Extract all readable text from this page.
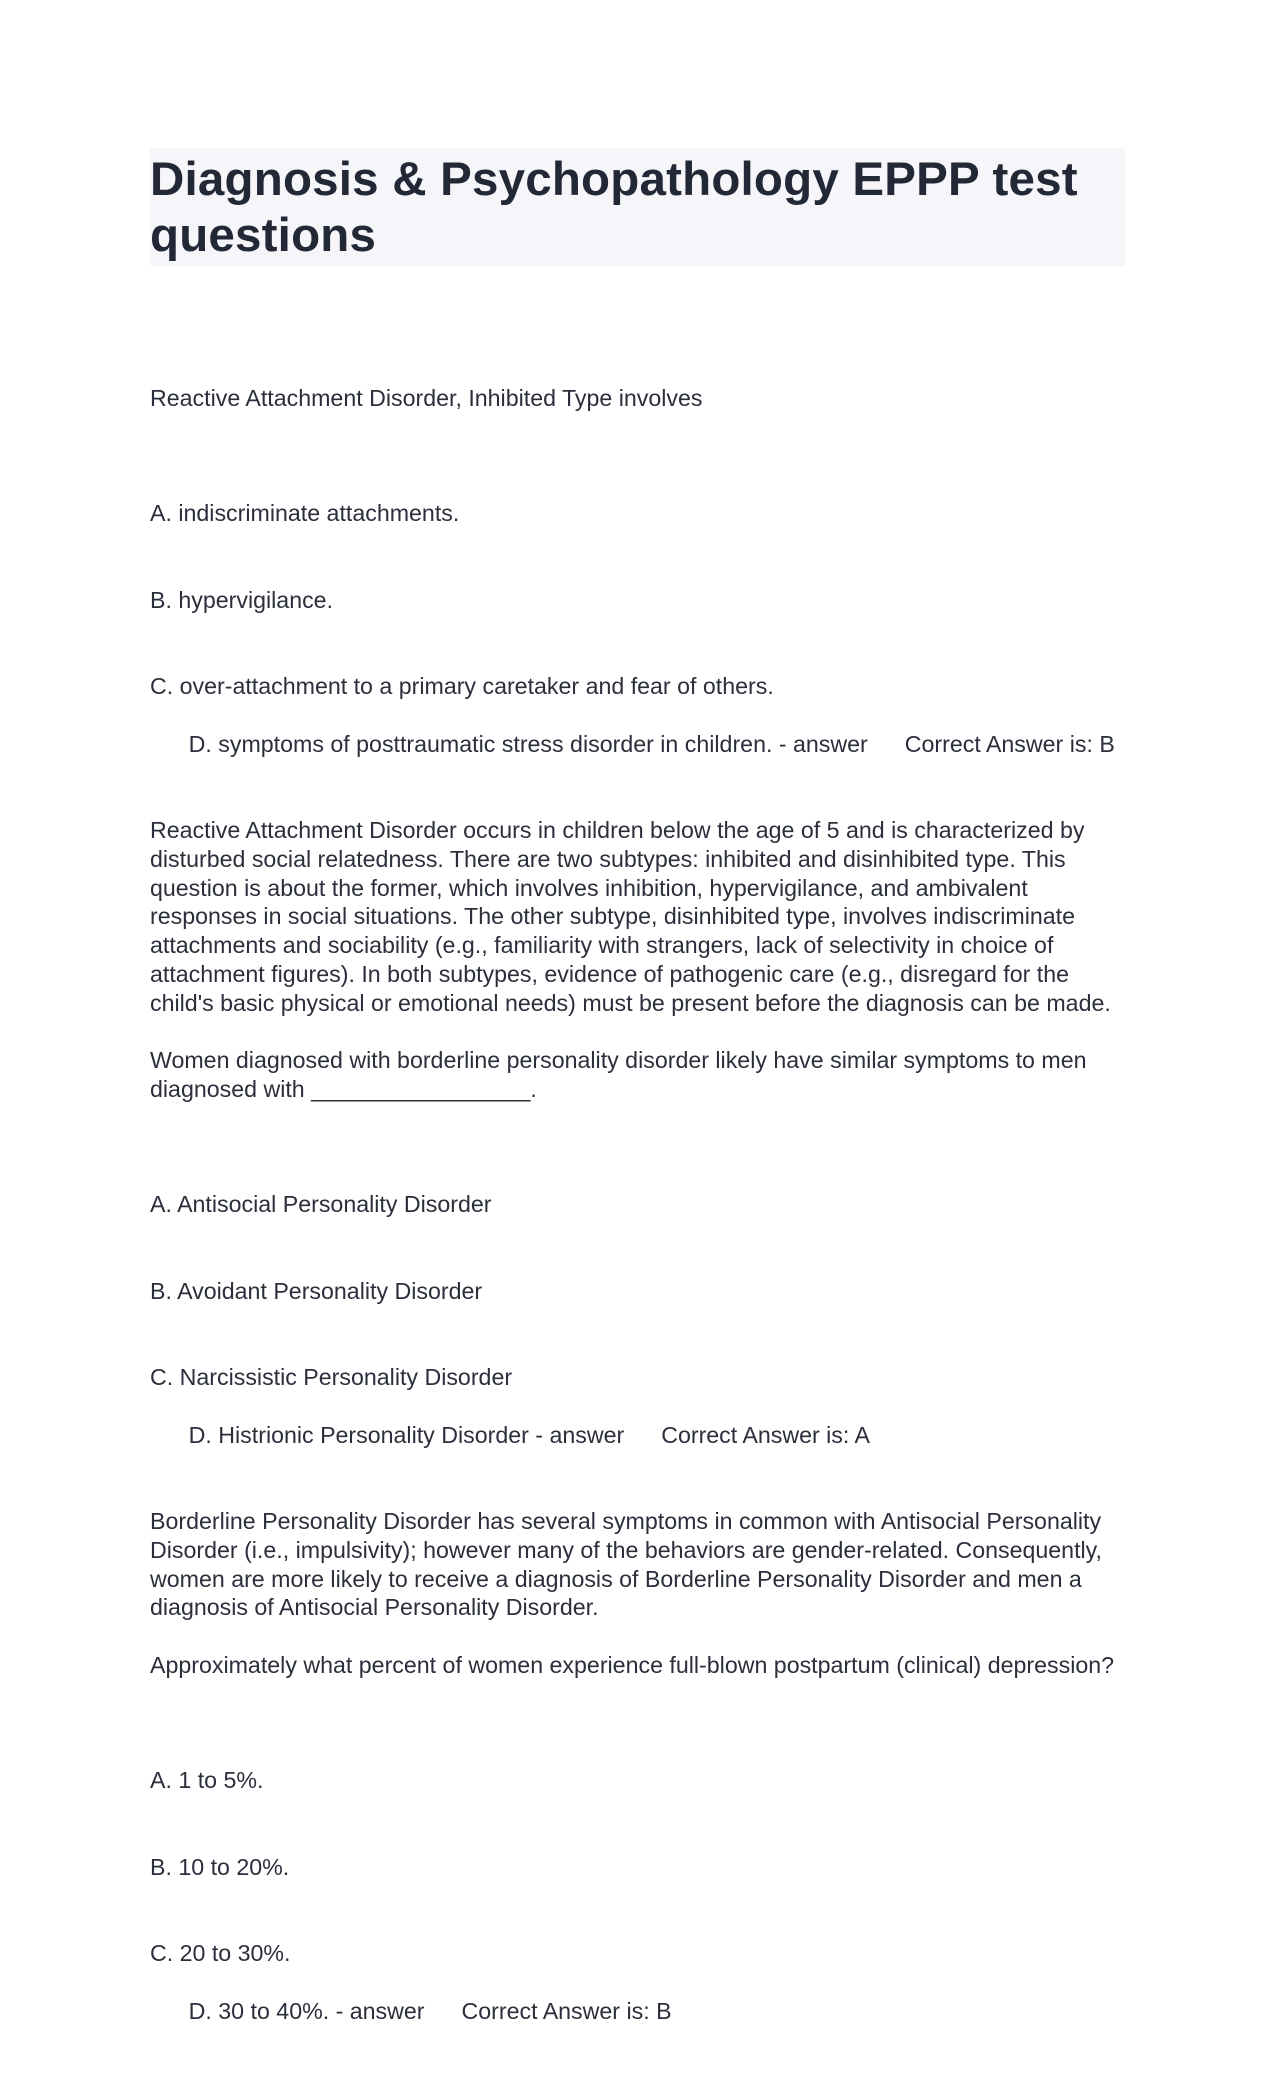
Diagnosis & Psychopathology EPPP test questions
Reactive Attachment Disorder, Inhibited Type involves

A. indiscriminate attachments.

B. hypervigilance.

C. over-attachment to a primary caretaker and fear of others.

D. symptoms of posttraumatic stress disorder in children. - answer Correct Answer is: B

Reactive Attachment Disorder occurs in children below the age of 5 and is characterized by disturbed social relatedness. There are two subtypes: inhibited and disinhibited type. This question is about the former, which involves inhibition, hypervigilance, and ambivalent responses in social situations. The other subtype, disinhibited type, involves indiscriminate attachments and sociability (e.g., familiarity with strangers, lack of selectivity in choice of attachment figures). In both subtypes, evidence of pathogenic care (e.g., disregard for the child's basic physical or emotional needs) must be present before the diagnosis can be made.
Women diagnosed with borderline personality disorder likely have similar symptoms to men diagnosed with _________________.

A. Antisocial Personality Disorder

B. Avoidant Personality Disorder

C. Narcissistic Personality Disorder

D. Histrionic Personality Disorder - answer Correct Answer is: A

Borderline Personality Disorder has several symptoms in common with Antisocial Personality Disorder (i.e., impulsivity); however many of the behaviors are gender-related. Consequently, women are more likely to receive a diagnosis of Borderline Personality Disorder and men a diagnosis of Antisocial Personality Disorder.
Approximately what percent of women experience full-blown postpartum (clinical) depression?

A. 1 to 5%.

B. 10 to 20%.

C. 20 to 30%.

D. 30 to 40%. - answer Correct Answer is: B
